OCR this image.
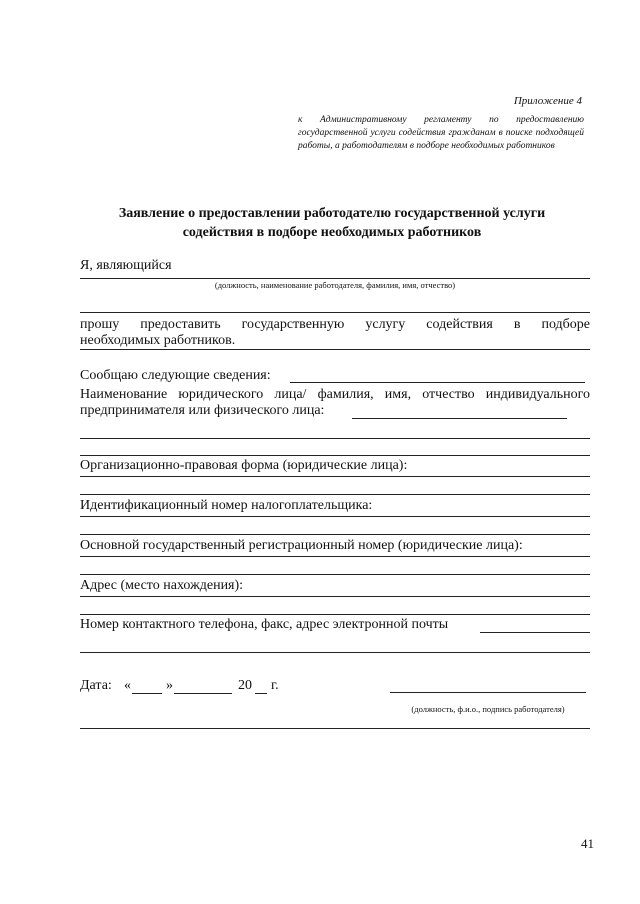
Приложение 4
к Административному регламенту по предоставлению государственной услуги содействия гражданам в поиске подходящей работы, а работодателям в подборе необходимых работников
Заявление о предоставлении работодателю государственной услуги
содействия в подборе необходимых работников
Я, являющийся
(должность, наименование работодателя, фамилия, имя, отчество)
прошу предоставить государственную услугу содействия в подборе
необходимых работников.
Сообщаю следующие сведения:
Наименование юридического лица/ фамилия, имя, отчество индивидуального
предпринимателя или физического лица:
Организационно-правовая форма (юридические лица):
Идентификационный номер налогоплательщика:
Основной государственный регистрационный номер (юридические лица):
Адрес (место нахождения):
Номер контактного телефона, факс, адрес электронной почты
Дата: «	»	20 г.
(должность, ф.и.о., подпись работодателя)
41
